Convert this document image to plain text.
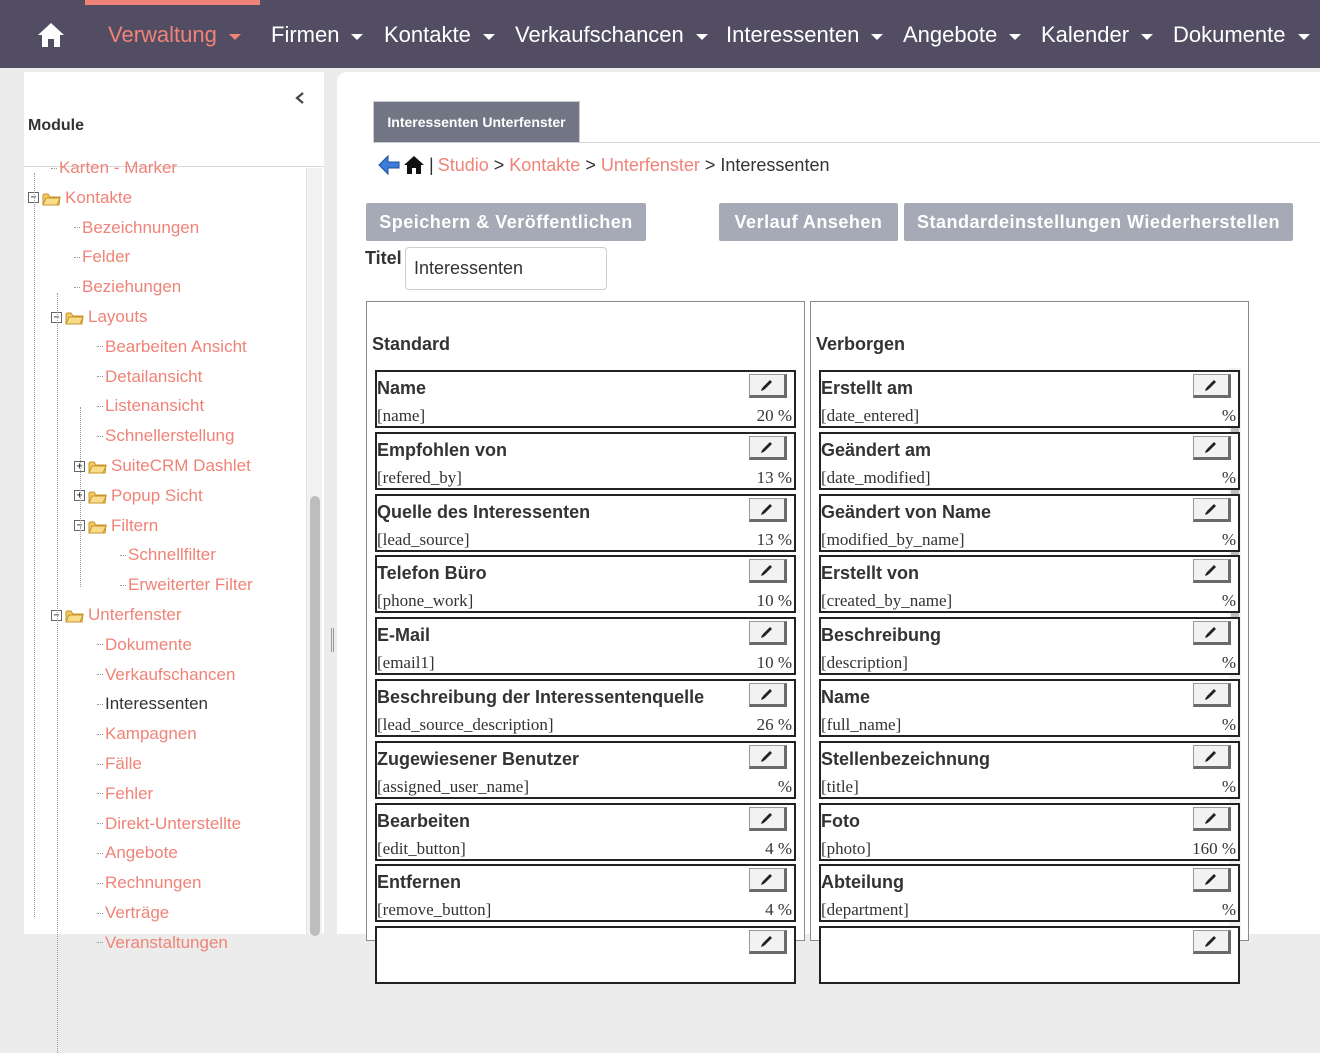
Verwaltung Firmen Kontakte Verkaufschancen Interessenten Angebote Kalender Dokumente
Module
Karten - Marker
− Kontakte
Bezeichnungen
Felder
Beziehungen
− Layouts
Bearbeiten Ansicht
Detailansicht
Listenansicht
Schnellerstellung
+ SuiteCRM Dashlet
+ Popup Sicht
− Filtern
Schnellfilter
Erweiterter Filter
− Unterfenster
Dokumente
Verkaufschancen
Interessenten
Kampagnen
Fälle
Fehler
Direkt-Unterstellte
Angebote
Rechnungen
Verträge
Veranstaltungen
Interessenten Unterfenster
| Studio > Kontakte > Unterfenster > Interessenten
Speichern & Veröffentlichen	Verlauf Ansehen	Standardeinstellungen Wiederherstellen
Titel
Interessenten
Standard
Name
[name]	20 %
Empfohlen von
[refered_by]	13 %
Quelle des Interessenten
[lead_source]	13 %
Telefon Büro
[phone_work]	10 %
E-Mail
[email1]	10 %
Beschreibung der Interessentenquelle
[lead_source_description]	26 %
Zugewiesener Benutzer
[assigned_user_name]	%
Bearbeiten
[edit_button]	4 %
Entfernen
[remove_button]	4 %
Verborgen
Erstellt am
[date_entered]	%
Geändert am
[date_modified]	%
Geändert von Name
[modified_by_name]	%
Erstellt von
[created_by_name]	%
Beschreibung
[description]	%
Name
[full_name]	%
Stellenbezeichnung
[title]	%
Foto
[photo]	160 %
Abteilung
[department]	%
